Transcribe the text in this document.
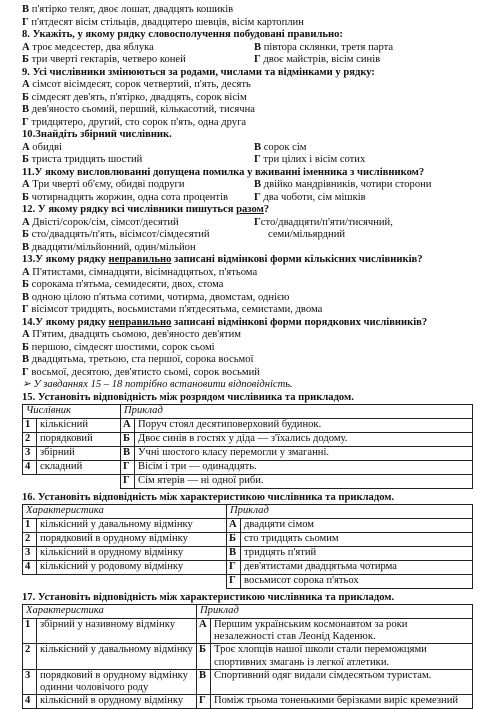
В п'ятірко телят, двоє лошат, двадцять кошиків
Г п'ятдесят вісім стільців, двадцятеро шевців, вісім картоплин
8. Укажіть, у якому рядку словосполучення побудовані правильно:
А троє медсестер, два яблука	В півтора склянки, третя парта
Б три чверті гектарів, четверо коней	Г двоє майстрів, вісім синів
9. Усі числівники змінюються за родами, числами та відмінками у рядку:
А сімсот вісімдесят, сорок четвертий, п'ять, десять
Б сімдесят дев'ять, п'ятірко, двадцять, сорок вісім
В дев'яносто сьомий, перший, кількасотий, тисячна
Г тридцятеро, другий, сто сорок п'ять, одна друга
10.Знайдіть збірний числівник.
А обидві	В сорок сім
Б триста тридцять шостий	Г три цілих і вісім сотих
11.У якому висловлюванні допущена помилка у вживанні іменника з числівником?
А Три чверті об'єму, обидві подруги	В двійко мандрівників, чотири сторони
Б чотирнадцять жоржин, одна сота процентів	Г два чоботи, сім мішків
12. У якому рядку всі числівники пишуться разом?
А Двісті/сорок/сім, сімсот/десятий	Гсто/двадцяти/п'яти/тисячний,
Б сто/двадцять/п'ять, вісімсот/сімдесятий	семи/мільярдний
В двадцяти/мільйонний, один/мільйон
13.У якому рядку неправильно записані відмінкові форми кількісних числівників?
А П'ятистами, сімнадцяти, вісімнадцятьох, п'ятьома
Б сорокама п'ятьма, семидесяти, двох, стома
В одною цілою п'ятьма сотими, чотирма, двомстам, однією
Г вісімсот тридцять, восьмистами п'ятдесятьма, семистами, двома
14.У якому рядку неправильно записані відмінкові форми порядкових числівників?
А П'ятим, двадцять сьомою, дев'яносто дев'ятим
Б першою, сімдесят шостими, сорок сьомі
В двадцятьма, третьою, ста першої, сорока восьмої
Г восьмої, десятою, дев'ятисто сьомі, сорок восьмий
➢ У завданнях 15 – 18 потрібно встановити відповідність.
15. Установіть відповідність між розрядом числівника та прикладом.
Числівник		Приклад	
1	кількісний	А	Поруч стоял десятиповерховий будинок.
2	порядковий	Б	Двоє синів в гостях у діда — з'їхались додому.
3	збірний	В	Учні шостого класу перемогли у змаганні.
4	складний	Г	Вісім і три — одинадцять.
		Г	Сім ятерів — ні одної риби.
16. Установіть відповідність між характеристикою числівника та прикладом.
Характеристика		Приклад	
1	кількісний у давальному відмінку	А	двадцяти сімом
2	порядковий в орудному відмінку	Б	сто тридцять сьомим
3	кількісний в орудному відмінку	В	тридцять п'ятий
4	кількісний у родовому відмінку	Г	дев'ятистами двадцятьма чотирма
		Г	восьмисот сорока п'ятьох
17. Установіть відповідність між характеристикою числівника та прикладом.
Характеристика		Приклад	
1	збірний у називному відмінку	А	Першим українським космонавтом за роки незалежності став Леонід Каденюк.
2	кількісний у давальному відмінку	Б	Троє хлопців нашої школи стали переможцями спортивних змагань із легкої атлетики.
3	порядковий в орудному відмінку одинни чоловічого роду	В	Спортивний одяг видали сімдесятьом туристам.
4	кількісний в орудному відмінку	Г	Поміж трьома тоненькими берізками виріс кремезний
